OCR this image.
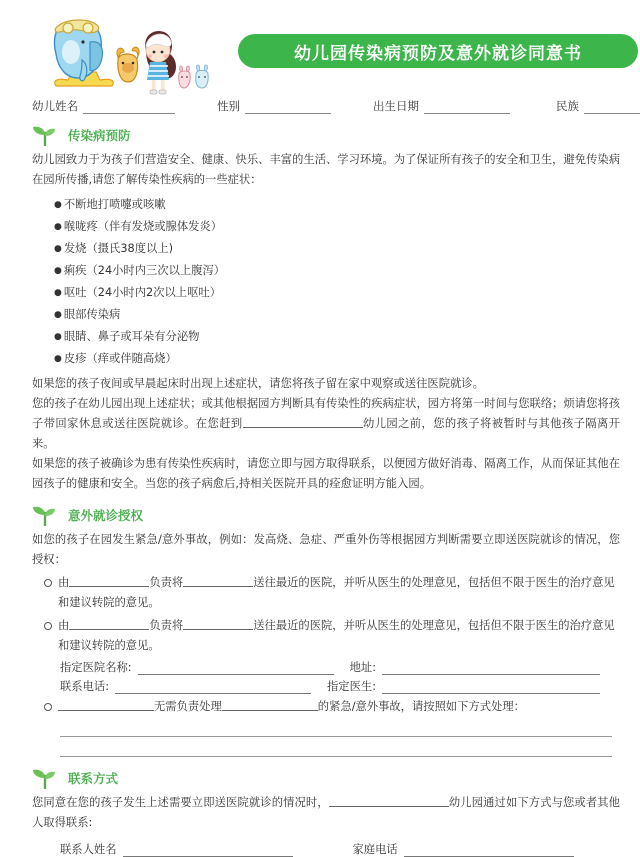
幼儿园传染病预防及意外就诊同意书
幼儿姓名	性别	出生日期	民族
传染病预防
幼儿园致力于为孩子们营造安全、健康、快乐、丰富的生活、学习环境。为了保证所有孩子的安全和卫生，避免传染病在园所传播,请您了解传染性疾病的一些症状：
● 不断地打喷嚏或咳嗽
● 喉咙疼（伴有发烧或腺体发炎）
● 发烧（摄氏38度以上)
● 痢疾（24小时内三次以上腹泻）
● 呕吐（24小时内2次以上呕吐）
● 眼部传染病
● 眼睛、鼻子或耳朵有分泌物
● 皮疹（痒或伴随高烧）
如果您的孩子夜间或早晨起床时出现上述症状，请您将孩子留在家中观察或送往医院就诊。
您的孩子在幼儿园出现上述症状；或其他根据园方判断具有传染性的疾病症状，园方将第一时间与您联络；烦请您将孩子带回家休息或送往医院就诊。在您赶到	幼儿园之前，您的孩子将被暂时与其他孩子隔离开来。
如果您的孩子被确诊为患有传染性疾病时，请您立即与园方取得联系，以便园方做好消毒、隔离工作，从而保证其他在园孩子的健康和安全。当您的孩子病愈后,持相关医院开具的痊愈证明方能入园。
意外就诊授权
如您的孩子在园发生紧急/意外事故，例如：发高烧、急症、严重外伤等根据园方判断需要立即送医院就诊的情况，您授权：
由	负责将	送往最近的医院，并听从医生的处理意见，包括但不限于医生的治疗意见和建议转院的意见。
由	负责将	送往最近的医院，并听从医生的处理意见，包括但不限于医生的治疗意见和建议转院的意见。
指定医院名称:	地址:
联系电话:	指定医生:
无需负责处理	的紧急/意外事故，请按照如下方式处理：
联系方式
您同意在您的孩子发生上述需要立即送医院就诊的情况时，	幼儿园通过如下方式与您或者其他人取得联系:
联系人姓名	家庭电话
